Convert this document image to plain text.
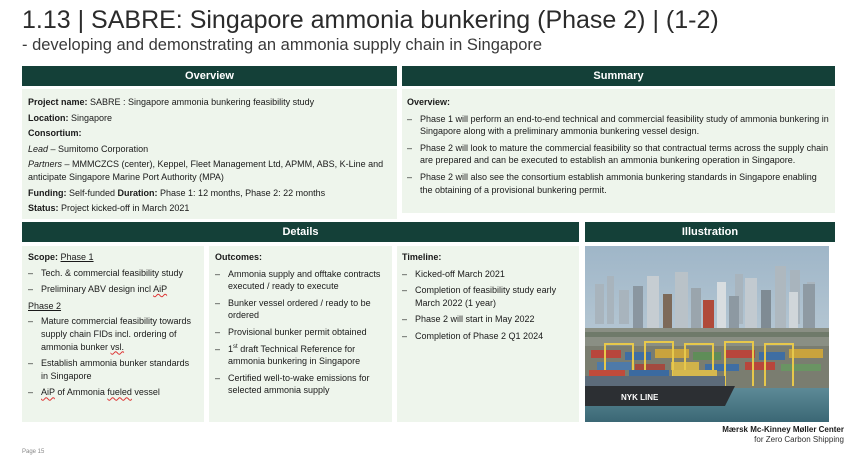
1.13 | SABRE: Singapore ammonia bunkering (Phase 2) | (1-2)
- developing and demonstrating an ammonia supply chain in Singapore
Overview
Project name: SABRE : Singapore ammonia bunkering feasibility study
Location: Singapore
Consortium:
Lead – Sumitomo Corporation
Partners – MMMCZCS (center), Keppel, Fleet Management Ltd, APMM, ABS, K-Line and anticipate Singapore Marine Port Authority (MPA)
Funding: Self-funded Duration: Phase 1: 12 months, Phase 2: 22 months
Status: Project kicked-off in March 2021
Summary
Overview:
– Phase 1 will perform an end-to-end technical and commercial feasibility study of ammonia bunkering in Singapore along with a preliminary ammonia bunkering vessel design.
– Phase 2 will look to mature the commercial feasibility so that contractual terms across the supply chain are prepared and can be executed to establish an ammonia bunkering operation in Singapore.
– Phase 2 will also see the consortium establish ammonia bunkering standards in Singapore enabling the obtaining of a provisional bunkering permit.
Details
Scope: Phase 1
– Tech. & commercial feasibility study
– Preliminary ABV design incl AiP
Phase 2
– Mature commercial feasibility towards supply chain FIDs incl. ordering of ammonia bunker vsl.
– Establish ammonia bunker standards in Singapore
– AiP of Ammonia fueled vessel
Outcomes:
– Ammonia supply and offtake contracts executed / ready to execute
– Bunker vessel ordered / ready to be ordered
– Provisional bunker permit obtained
– 1st draft Technical Reference for ammonia bunkering in Singapore
– Certified well-to-wake emissions for selected ammonia supply
Timeline:
– Kicked-off March 2021
– Completion of feasibility study early March 2022 (1 year)
– Phase 2 will start in May 2022
– Completion of Phase 2 Q1 2024
Illustration
NYK LINE
Mærsk Mc-Kinney Møller Center
for Zero Carbon Shipping
Page 15
